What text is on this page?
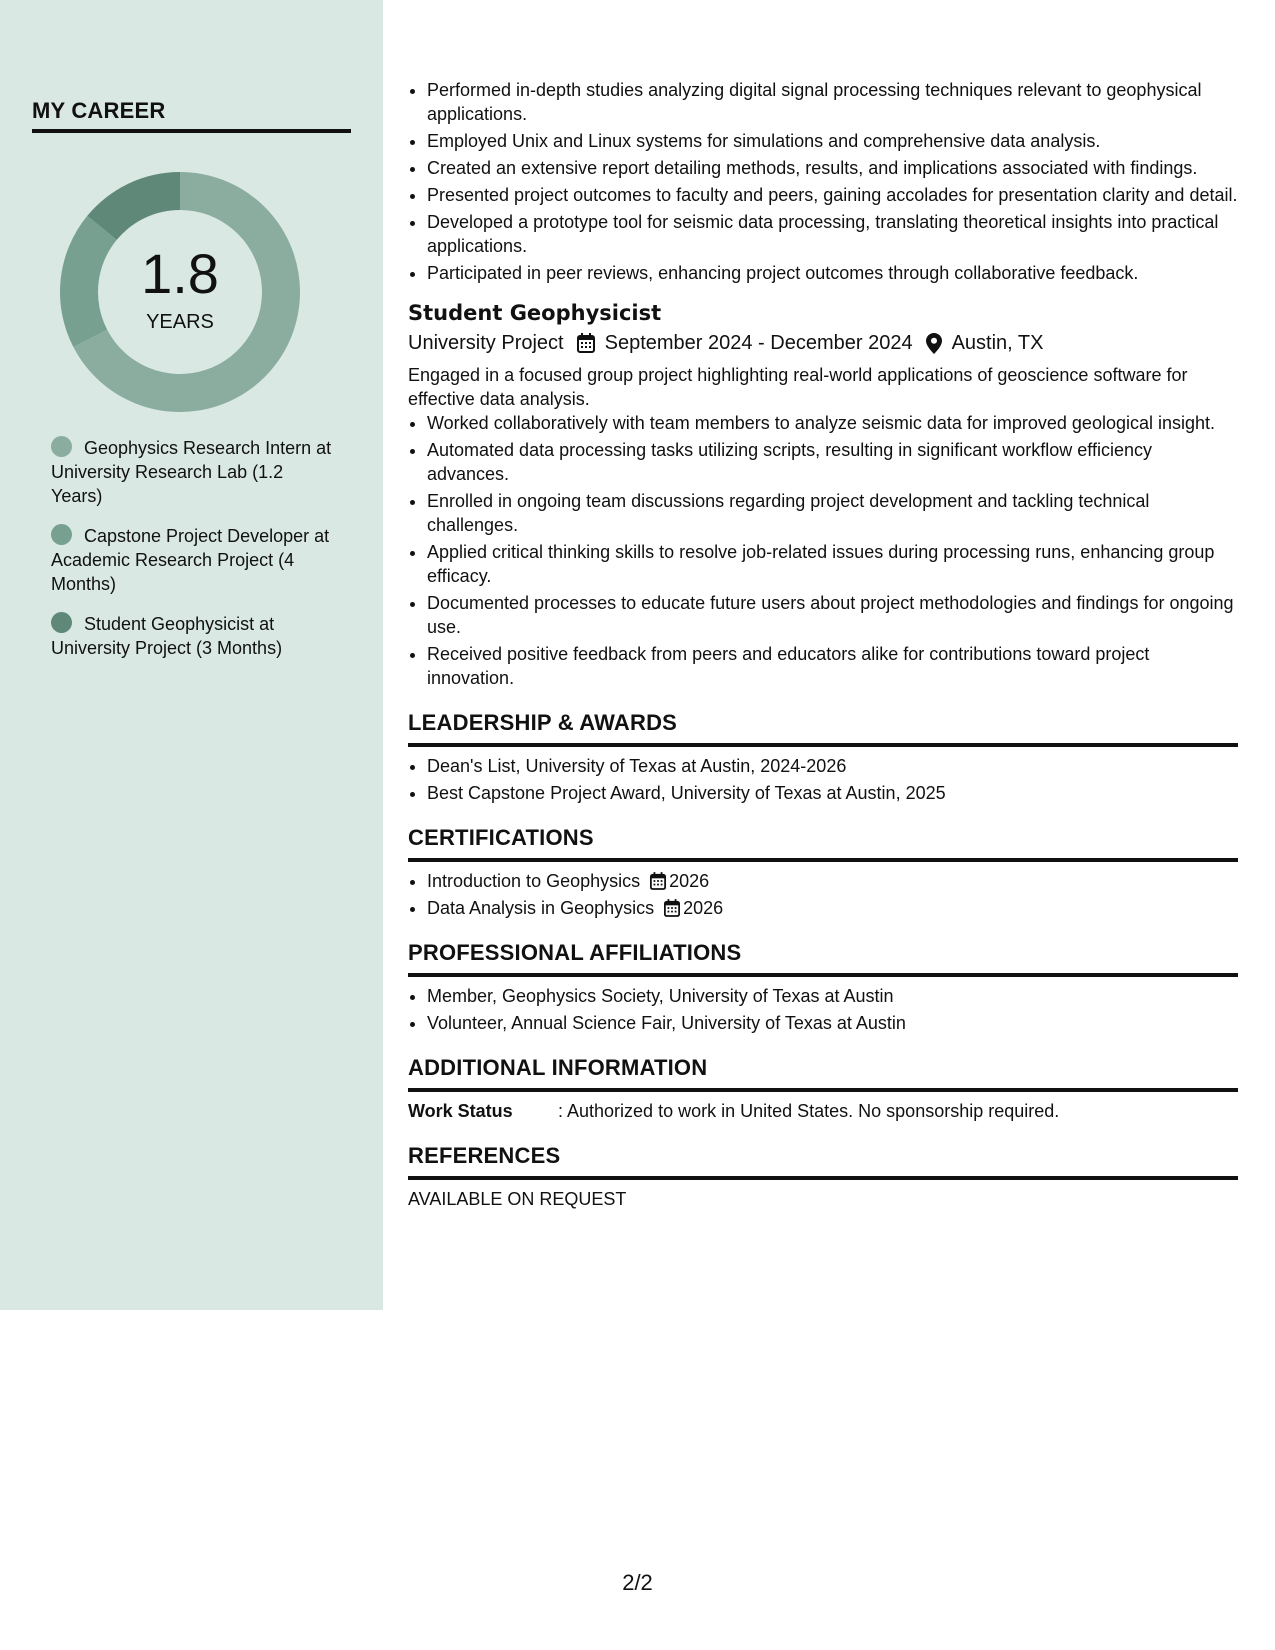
MY CAREER
1.8
YEARS
Geophysics Research Intern at University Research Lab (1.2 Years)
Capstone Project Developer at Academic Research Project (4 Months)
Student Geophysicist at University Project (3 Months)
• Performed in-depth studies analyzing digital signal processing techniques relevant to geophysical applications.
• Employed Unix and Linux systems for simulations and comprehensive data analysis.
• Created an extensive report detailing methods, results, and implications associated with findings.
• Presented project outcomes to faculty and peers, gaining accolades for presentation clarity and detail.
• Developed a prototype tool for seismic data processing, translating theoretical insights into practical applications.
• Participated in peer reviews, enhancing project outcomes through collaborative feedback.
Student Geophysicist
University Project September 2024 - December 2024 Austin, TX
Engaged in a focused group project highlighting real-world applications of geoscience software for effective data analysis.
• Worked collaboratively with team members to analyze seismic data for improved geological insight.
• Automated data processing tasks utilizing scripts, resulting in significant workflow efficiency advances.
• Enrolled in ongoing team discussions regarding project development and tackling technical challenges.
• Applied critical thinking skills to resolve job-related issues during processing runs, enhancing group efficacy.
• Documented processes to educate future users about project methodologies and findings for ongoing use.
• Received positive feedback from peers and educators alike for contributions toward project innovation.
LEADERSHIP & AWARDS
• Dean's List, University of Texas at Austin, 2024-2026
• Best Capstone Project Award, University of Texas at Austin, 2025
CERTIFICATIONS
• Introduction to Geophysics 2026
• Data Analysis in Geophysics 2026
PROFESSIONAL AFFILIATIONS
• Member, Geophysics Society, University of Texas at Austin
• Volunteer, Annual Science Fair, University of Texas at Austin
ADDITIONAL INFORMATION
Work Status	: Authorized to work in United States. No sponsorship required.
REFERENCES
AVAILABLE ON REQUEST
2/2
